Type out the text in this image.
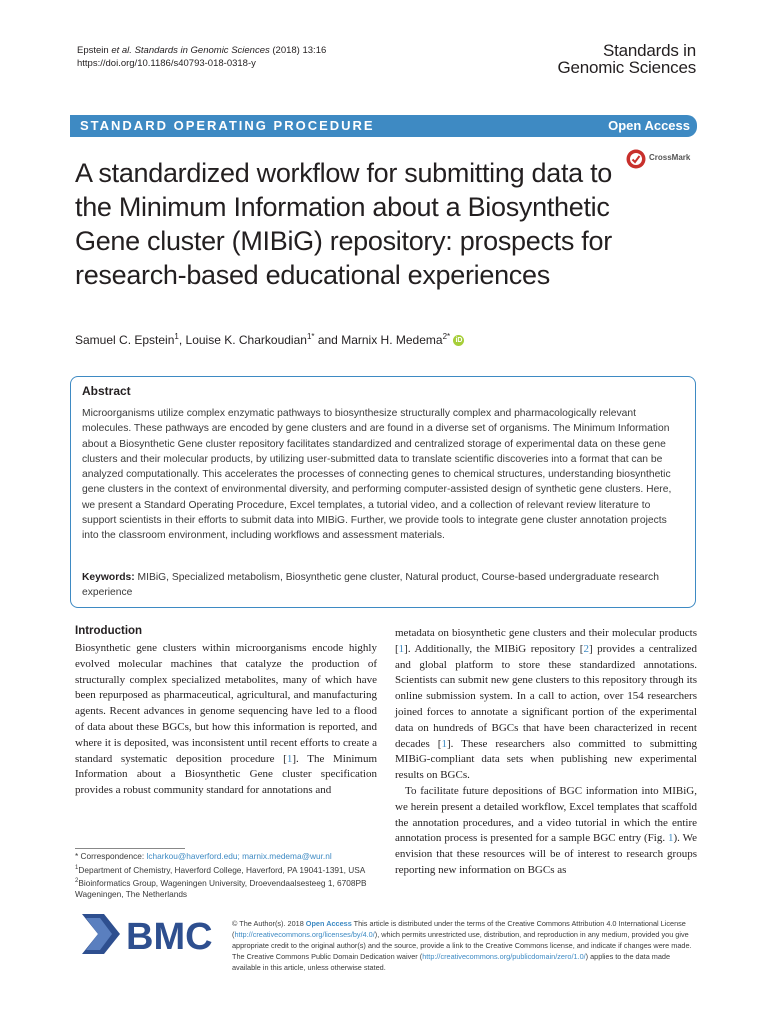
Epstein et al. Standards in Genomic Sciences (2018) 13:16
https://doi.org/10.1186/s40793-018-0318-y
Standards in
Genomic Sciences
STANDARD OPERATING PROCEDURE	Open Access
CrossMark
A standardized workflow for submitting data to the Minimum Information about a Biosynthetic Gene cluster (MIBiG) repository: prospects for research-based educational experiences
Samuel C. Epstein$^1$, Louise K. Charkoudian$^{1*}$ and Marnix H. Medema$^{2*}$ iD
Abstract
Microorganisms utilize complex enzymatic pathways to biosynthesize structurally complex and pharmacologically relevant molecules. These pathways are encoded by gene clusters and are found in a diverse set of organisms. The Minimum Information about a Biosynthetic Gene cluster repository facilitates standardized and centralized storage of experimental data on these gene clusters and their molecular products, by utilizing user-submitted data to translate scientific discoveries into a format that can be analyzed computationally. This accelerates the processes of connecting genes to chemical structures, understanding biosynthetic gene clusters in the context of environmental diversity, and performing computer-assisted design of synthetic gene clusters. Here, we present a Standard Operating Procedure, Excel templates, a tutorial video, and a collection of relevant review literature to support scientists in their efforts to submit data into MIBiG. Further, we provide tools to integrate gene cluster annotation projects into the classroom environment, including workflows and assessment materials.
Keywords: MIBiG, Specialized metabolism, Biosynthetic gene cluster, Natural product, Course-based undergraduate research experience
Introduction

Biosynthetic gene clusters within microorganisms encode highly evolved molecular machines that catalyze the production of structurally complex specialized metabolites, many of which have been repurposed as pharmaceutical, agricultural, and manufacturing agents. Recent advances in genome sequencing have led to a flood of data about these BGCs, but how this information is reported, and where it is deposited, was inconsistent until recent efforts to create a standard systematic deposition procedure [1]. The Minimum Information about a Biosynthetic Gene cluster specification provides a robust community standard for annotations and

metadata on biosynthetic gene clusters and their molecular products [1]. Additionally, the MIBiG repository [2] provides a centralized and global platform to store these standardized annotations. Scientists can submit new gene clusters to this repository through its online submission system. In a call to action, over 154 researchers joined forces to annotate a significant portion of the experimental data on hundreds of BGCs that have been characterized in recent decades [1]. These researchers also committed to submitting MIBiG-compliant data sets when publishing new experimental results on BGCs.

To facilitate future depositions of BGC information into MIBiG, we herein present a detailed workflow, Excel templates that scaffold the annotation procedures, and a video tutorial in which the entire annotation process is presented for a sample BGC entry (Fig. 1). We envision that these resources will be of interest to research groups reporting new information on BGCs as

* Correspondence: lcharkou@haverford.edu; marnix.medema@wur.nl
$^1$Department of Chemistry, Haverford College, Haverford, PA 19041-1391, USA
$^2$Bioinformatics Group, Wageningen University, Droevendaalsesteeg 1, 6708PB Wageningen, The Netherlands
BMC	© The Author(s). 2018 Open Access This article is distributed under the terms of the Creative Commons Attribution 4.0 International License (http://creativecommons.org/licenses/by/4.0/), which permits unrestricted use, distribution, and reproduction in any medium, provided you give appropriate credit to the original author(s) and the source, provide a link to the Creative Commons license, and indicate if changes were made. The Creative Commons Public Domain Dedication waiver (http://creativecommons.org/publicdomain/zero/1.0/) applies to the data made available in this article, unless otherwise stated.
